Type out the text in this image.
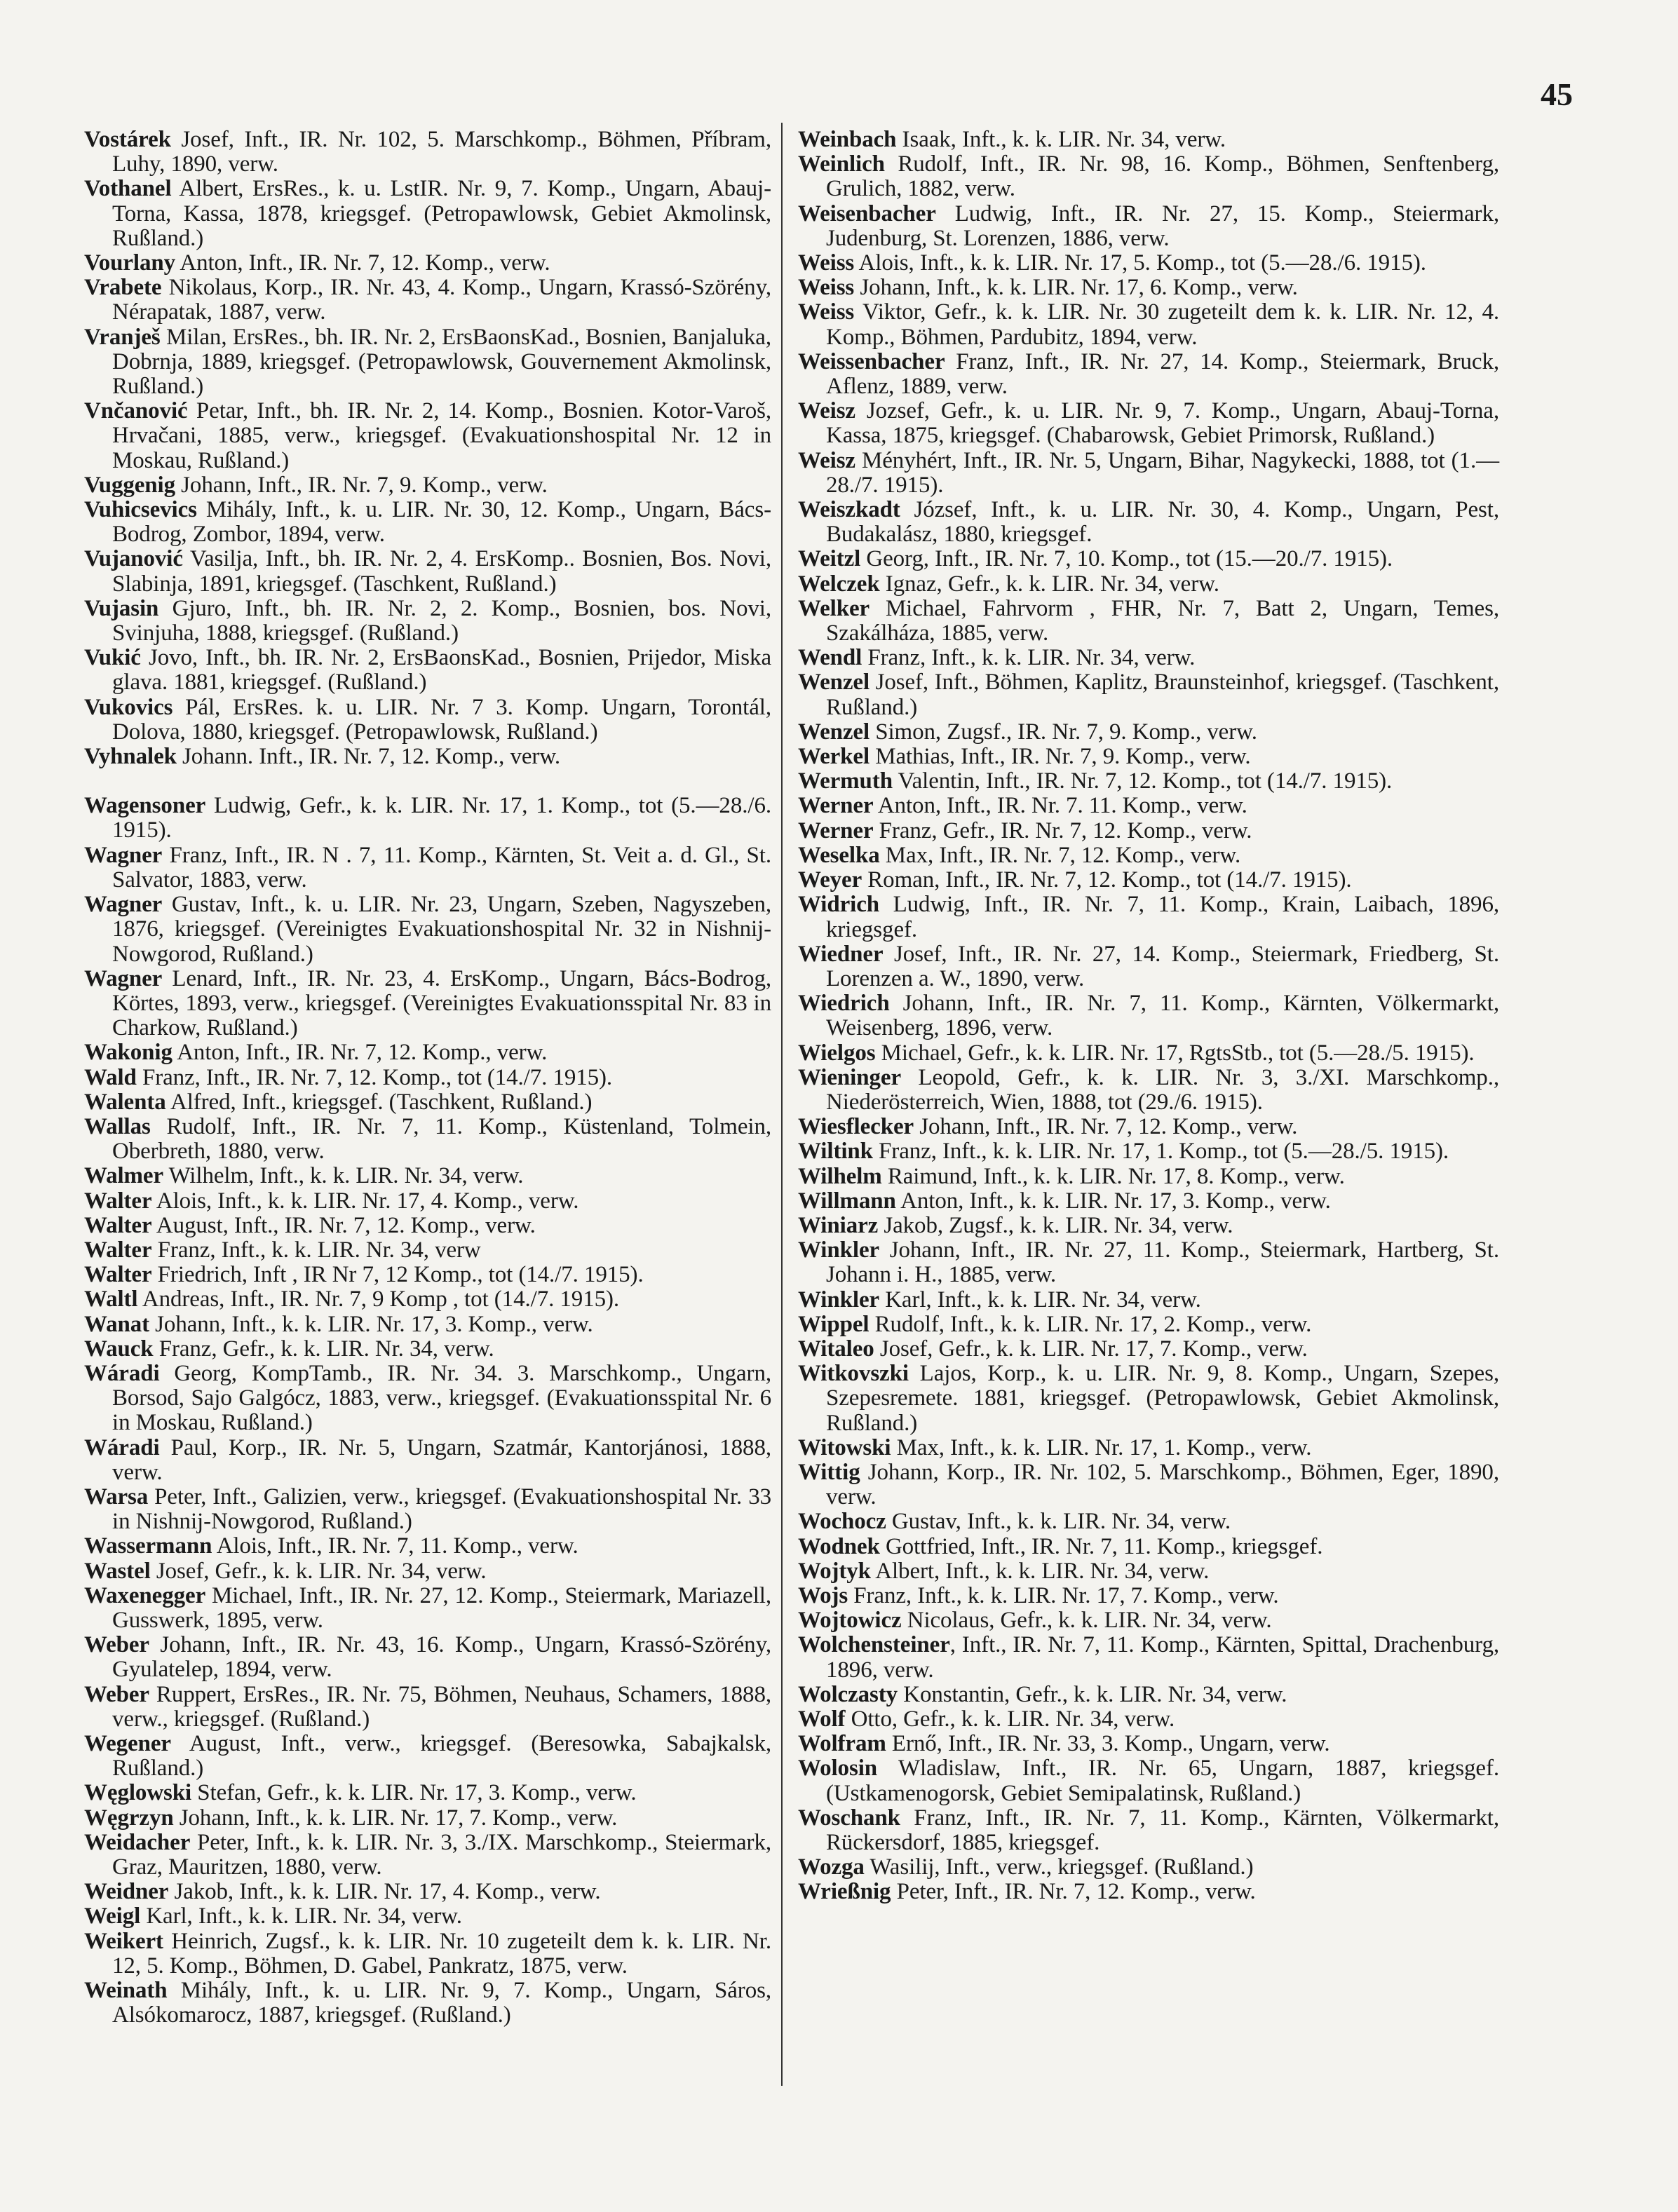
45

Vostárek Josef, Inft., IR. Nr. 102, 5. Marschkomp., Böhmen, Příbram, Luhy, 1890, verw.

Vothanel Albert, ErsRes., k. u. LstIR. Nr. 9, 7. Komp., Ungarn, Abauj-Torna, Kassa, 1878, kriegsgef. (Petropawlowsk, Gebiet Akmolinsk, Rußland.)

Vourlany Anton, Inft., IR. Nr. 7, 12. Komp., verw.

Vrabete Nikolaus, Korp., IR. Nr. 43, 4. Komp., Ungarn, Krassó-Szörény, Nérapatak, 1887, verw.

Vranješ Milan, ErsRes., bh. IR. Nr. 2, ErsBaonsKad., Bosnien, Banjaluka, Dobrnja, 1889, kriegsgef. (Petropawlowsk, Gouvernement Akmolinsk, Rußland.)

Vnčanović Petar, Inft., bh. IR. Nr. 2, 14. Komp., Bosnien. Kotor-Varoš, Hrvačani, 1885, verw., kriegsgef. (Evakuationshospital Nr. 12 in Moskau, Rußland.)

Vuggenig Johann, Inft., IR. Nr. 7, 9. Komp., verw.

Vuhicsevics Mihály, Inft., k. u. LIR. Nr. 30, 12. Komp., Ungarn, Bács-Bodrog, Zombor, 1894, verw.

Vujanović Vasilja, Inft., bh. IR. Nr. 2, 4. ErsKomp.. Bosnien, Bos. Novi, Slabinja, 1891, kriegsgef. (Taschkent, Rußland.)

Vujasin Gjuro, Inft., bh. IR. Nr. 2, 2. Komp., Bosnien, bos. Novi, Svinjuha, 1888, kriegsgef. (Rußland.)

Vukić Jovo, Inft., bh. IR. Nr. 2, ErsBaonsKad., Bosnien, Prijedor, Miska glava. 1881, kriegsgef. (Rußland.)

Vukovics Pál, ErsRes. k. u. LIR. Nr. 7 3. Komp. Ungarn, Torontál, Dolova, 1880, kriegsgef. (Petropawlowsk, Rußland.)

Vyhnalek Johann. Inft., IR. Nr. 7, 12. Komp., verw.

Wagensoner Ludwig, Gefr., k. k. LIR. Nr. 17, 1. Komp., tot (5.—28./6. 1915).

Wagner Franz, Inft., IR. N . 7, 11. Komp., Kärnten, St. Veit a. d. Gl., St. Salvator, 1883, verw.

Wagner Gustav, Inft., k. u. LIR. Nr. 23, Ungarn, Szeben, Nagyszeben, 1876, kriegsgef. (Vereinigtes Evakuationshospital Nr. 32 in Nishnij-Nowgorod, Rußland.)

Wagner Lenard, Inft., IR. Nr. 23, 4. ErsKomp., Ungarn, Bács-Bodrog, Körtes, 1893, verw., kriegsgef. (Vereinigtes Evakuationsspital Nr. 83 in Charkow, Rußland.)

Wakonig Anton, Inft., IR. Nr. 7, 12. Komp., verw.

Wald Franz, Inft., IR. Nr. 7, 12. Komp., tot (14./7. 1915).

Walenta Alfred, Inft., kriegsgef. (Taschkent, Rußland.)

Wallas Rudolf, Inft., IR. Nr. 7, 11. Komp., Küstenland, Tolmein, Oberbreth, 1880, verw.

Walmer Wilhelm, Inft., k. k. LIR. Nr. 34, verw.

Walter Alois, Inft., k. k. LIR. Nr. 17, 4. Komp., verw.

Walter August, Inft., IR. Nr. 7, 12. Komp., verw.

Walter Franz, Inft., k. k. LIR. Nr. 34, verw

Walter Friedrich, Inft , IR Nr 7, 12 Komp., tot (14./7. 1915).

Waltl Andreas, Inft., IR. Nr. 7, 9 Komp , tot (14./7. 1915).

Wanat Johann, Inft., k. k. LIR. Nr. 17, 3. Komp., verw.

Wauck Franz, Gefr., k. k. LIR. Nr. 34, verw.

Wáradi Georg, KompTamb., IR. Nr. 34. 3. Marschkomp., Ungarn, Borsod, Sajo Galgócz, 1883, verw., kriegsgef. (Evakuationsspital Nr. 6 in Moskau, Rußland.)

Wáradi Paul, Korp., IR. Nr. 5, Ungarn, Szatmár, Kantorjánosi, 1888, verw.

Warsa Peter, Inft., Galizien, verw., kriegsgef. (Evakuationshospital Nr. 33 in Nishnij-Nowgorod, Rußland.)

Wassermann Alois, Inft., IR. Nr. 7, 11. Komp., verw.

Wastel Josef, Gefr., k. k. LIR. Nr. 34, verw.

Waxenegger Michael, Inft., IR. Nr. 27, 12. Komp., Steiermark, Mariazell, Gusswerk, 1895, verw.

Weber Johann, Inft., IR. Nr. 43, 16. Komp., Ungarn, Krassó-Szörény, Gyulatelep, 1894, verw.

Weber Ruppert, ErsRes., IR. Nr. 75, Böhmen, Neuhaus, Schamers, 1888, verw., kriegsgef. (Rußland.)

Wegener August, Inft., verw., kriegsgef. (Beresowka, Sabajkalsk, Rußland.)

Węglowski Stefan, Gefr., k. k. LIR. Nr. 17, 3. Komp., verw.

Węgrzyn Johann, Inft., k. k. LIR. Nr. 17, 7. Komp., verw.

Weidacher Peter, Inft., k. k. LIR. Nr. 3, 3./IX. Marschkomp., Steiermark, Graz, Mauritzen, 1880, verw.

Weidner Jakob, Inft., k. k. LIR. Nr. 17, 4. Komp., verw.

Weigl Karl, Inft., k. k. LIR. Nr. 34, verw.

Weikert Heinrich, Zugsf., k. k. LIR. Nr. 10 zugeteilt dem k. k. LIR. Nr. 12, 5. Komp., Böhmen, D. Gabel, Pankratz, 1875, verw.

Weinath Mihály, Inft., k. u. LIR. Nr. 9, 7. Komp., Ungarn, Sáros, Alsókomarocz, 1887, kriegsgef. (Rußland.)

Weinbach Isaak, Inft., k. k. LIR. Nr. 34, verw.

Weinlich Rudolf, Inft., IR. Nr. 98, 16. Komp., Böhmen, Senftenberg, Grulich, 1882, verw.

Weisenbacher Ludwig, Inft., IR. Nr. 27, 15. Komp., Steiermark, Judenburg, St. Lorenzen, 1886, verw.

Weiss Alois, Inft., k. k. LIR. Nr. 17, 5. Komp., tot (5.—28./6. 1915).

Weiss Johann, Inft., k. k. LIR. Nr. 17, 6. Komp., verw.

Weiss Viktor, Gefr., k. k. LIR. Nr. 30 zugeteilt dem k. k. LIR. Nr. 12, 4. Komp., Böhmen, Pardubitz, 1894, verw.

Weissenbacher Franz, Inft., IR. Nr. 27, 14. Komp., Steiermark, Bruck, Aflenz, 1889, verw.

Weisz Jozsef, Gefr., k. u. LIR. Nr. 9, 7. Komp., Ungarn, Abauj-Torna, Kassa, 1875, kriegsgef. (Chabarowsk, Gebiet Primorsk, Rußland.)

Weisz Ményhért, Inft., IR. Nr. 5, Ungarn, Bihar, Nagykecki, 1888, tot (1.—28./7. 1915).

Weiszkadt József, Inft., k. u. LIR. Nr. 30, 4. Komp., Ungarn, Pest, Budakalász, 1880, kriegsgef.

Weitzl Georg, Inft., IR. Nr. 7, 10. Komp., tot (15.—20./7. 1915).

Welczek Ignaz, Gefr., k. k. LIR. Nr. 34, verw.

Welker Michael, Fahrvorm , FHR, Nr. 7, Batt 2, Ungarn, Temes, Szakálháza, 1885, verw.

Wendl Franz, Inft., k. k. LIR. Nr. 34, verw.

Wenzel Josef, Inft., Böhmen, Kaplitz, Braunsteinhof, kriegsgef. (Taschkent, Rußland.)

Wenzel Simon, Zugsf., IR. Nr. 7, 9. Komp., verw.

Werkel Mathias, Inft., IR. Nr. 7, 9. Komp., verw.

Wermuth Valentin, Inft., IR. Nr. 7, 12. Komp., tot (14./7. 1915).

Werner Anton, Inft., IR. Nr. 7. 11. Komp., verw.

Werner Franz, Gefr., IR. Nr. 7, 12. Komp., verw.

Weselka Max, Inft., IR. Nr. 7, 12. Komp., verw.

Weyer Roman, Inft., IR. Nr. 7, 12. Komp., tot (14./7. 1915).

Widrich Ludwig, Inft., IR. Nr. 7, 11. Komp., Krain, Laibach, 1896, kriegsgef.

Wiedner Josef, Inft., IR. Nr. 27, 14. Komp., Steiermark, Friedberg, St. Lorenzen a. W., 1890, verw.

Wiedrich Johann, Inft., IR. Nr. 7, 11. Komp., Kärnten, Völkermarkt, Weisenberg, 1896, verw.

Wielgos Michael, Gefr., k. k. LIR. Nr. 17, RgtsStb., tot (5.—28./5. 1915).

Wieninger Leopold, Gefr., k. k. LIR. Nr. 3, 3./XI. Marschkomp., Niederösterreich, Wien, 1888, tot (29./6. 1915).

Wiesflecker Johann, Inft., IR. Nr. 7, 12. Komp., verw.

Wiltink Franz, Inft., k. k. LIR. Nr. 17, 1. Komp., tot (5.—28./5. 1915).

Wilhelm Raimund, Inft., k. k. LIR. Nr. 17, 8. Komp., verw.

Willmann Anton, Inft., k. k. LIR. Nr. 17, 3. Komp., verw.

Winiarz Jakob, Zugsf., k. k. LIR. Nr. 34, verw.

Winkler Johann, Inft., IR. Nr. 27, 11. Komp., Steiermark, Hartberg, St. Johann i. H., 1885, verw.

Winkler Karl, Inft., k. k. LIR. Nr. 34, verw.

Wippel Rudolf, Inft., k. k. LIR. Nr. 17, 2. Komp., verw.

Witaleo Josef, Gefr., k. k. LIR. Nr. 17, 7. Komp., verw.

Witkovszki Lajos, Korp., k. u. LIR. Nr. 9, 8. Komp., Ungarn, Szepes, Szepesremete. 1881, kriegsgef. (Petropawlowsk, Gebiet Akmolinsk, Rußland.)

Witowski Max, Inft., k. k. LIR. Nr. 17, 1. Komp., verw.

Wittig Johann, Korp., IR. Nr. 102, 5. Marschkomp., Böhmen, Eger, 1890, verw.

Wochocz Gustav, Inft., k. k. LIR. Nr. 34, verw.

Wodnek Gottfried, Inft., IR. Nr. 7, 11. Komp., kriegsgef.

Wojtyk Albert, Inft., k. k. LIR. Nr. 34, verw.

Wojs Franz, Inft., k. k. LIR. Nr. 17, 7. Komp., verw.

Wojtowicz Nicolaus, Gefr., k. k. LIR. Nr. 34, verw.

Wolchensteiner, Inft., IR. Nr. 7, 11. Komp., Kärnten, Spittal, Drachenburg, 1896, verw.

Wolczasty Konstantin, Gefr., k. k. LIR. Nr. 34, verw.

Wolf Otto, Gefr., k. k. LIR. Nr. 34, verw.

Wolfram Ernő, Inft., IR. Nr. 33, 3. Komp., Ungarn, verw.

Wolosin Wladislaw, Inft., IR. Nr. 65, Ungarn, 1887, kriegsgef. (Ustkamenogorsk, Gebiet Semipalatinsk, Rußland.)

Woschank Franz, Inft., IR. Nr. 7, 11. Komp., Kärnten, Völkermarkt, Rückersdorf, 1885, kriegsgef.

Wozga Wasilij, Inft., verw., kriegsgef. (Rußland.)

Wrießnig Peter, Inft., IR. Nr. 7, 12. Komp., verw.
